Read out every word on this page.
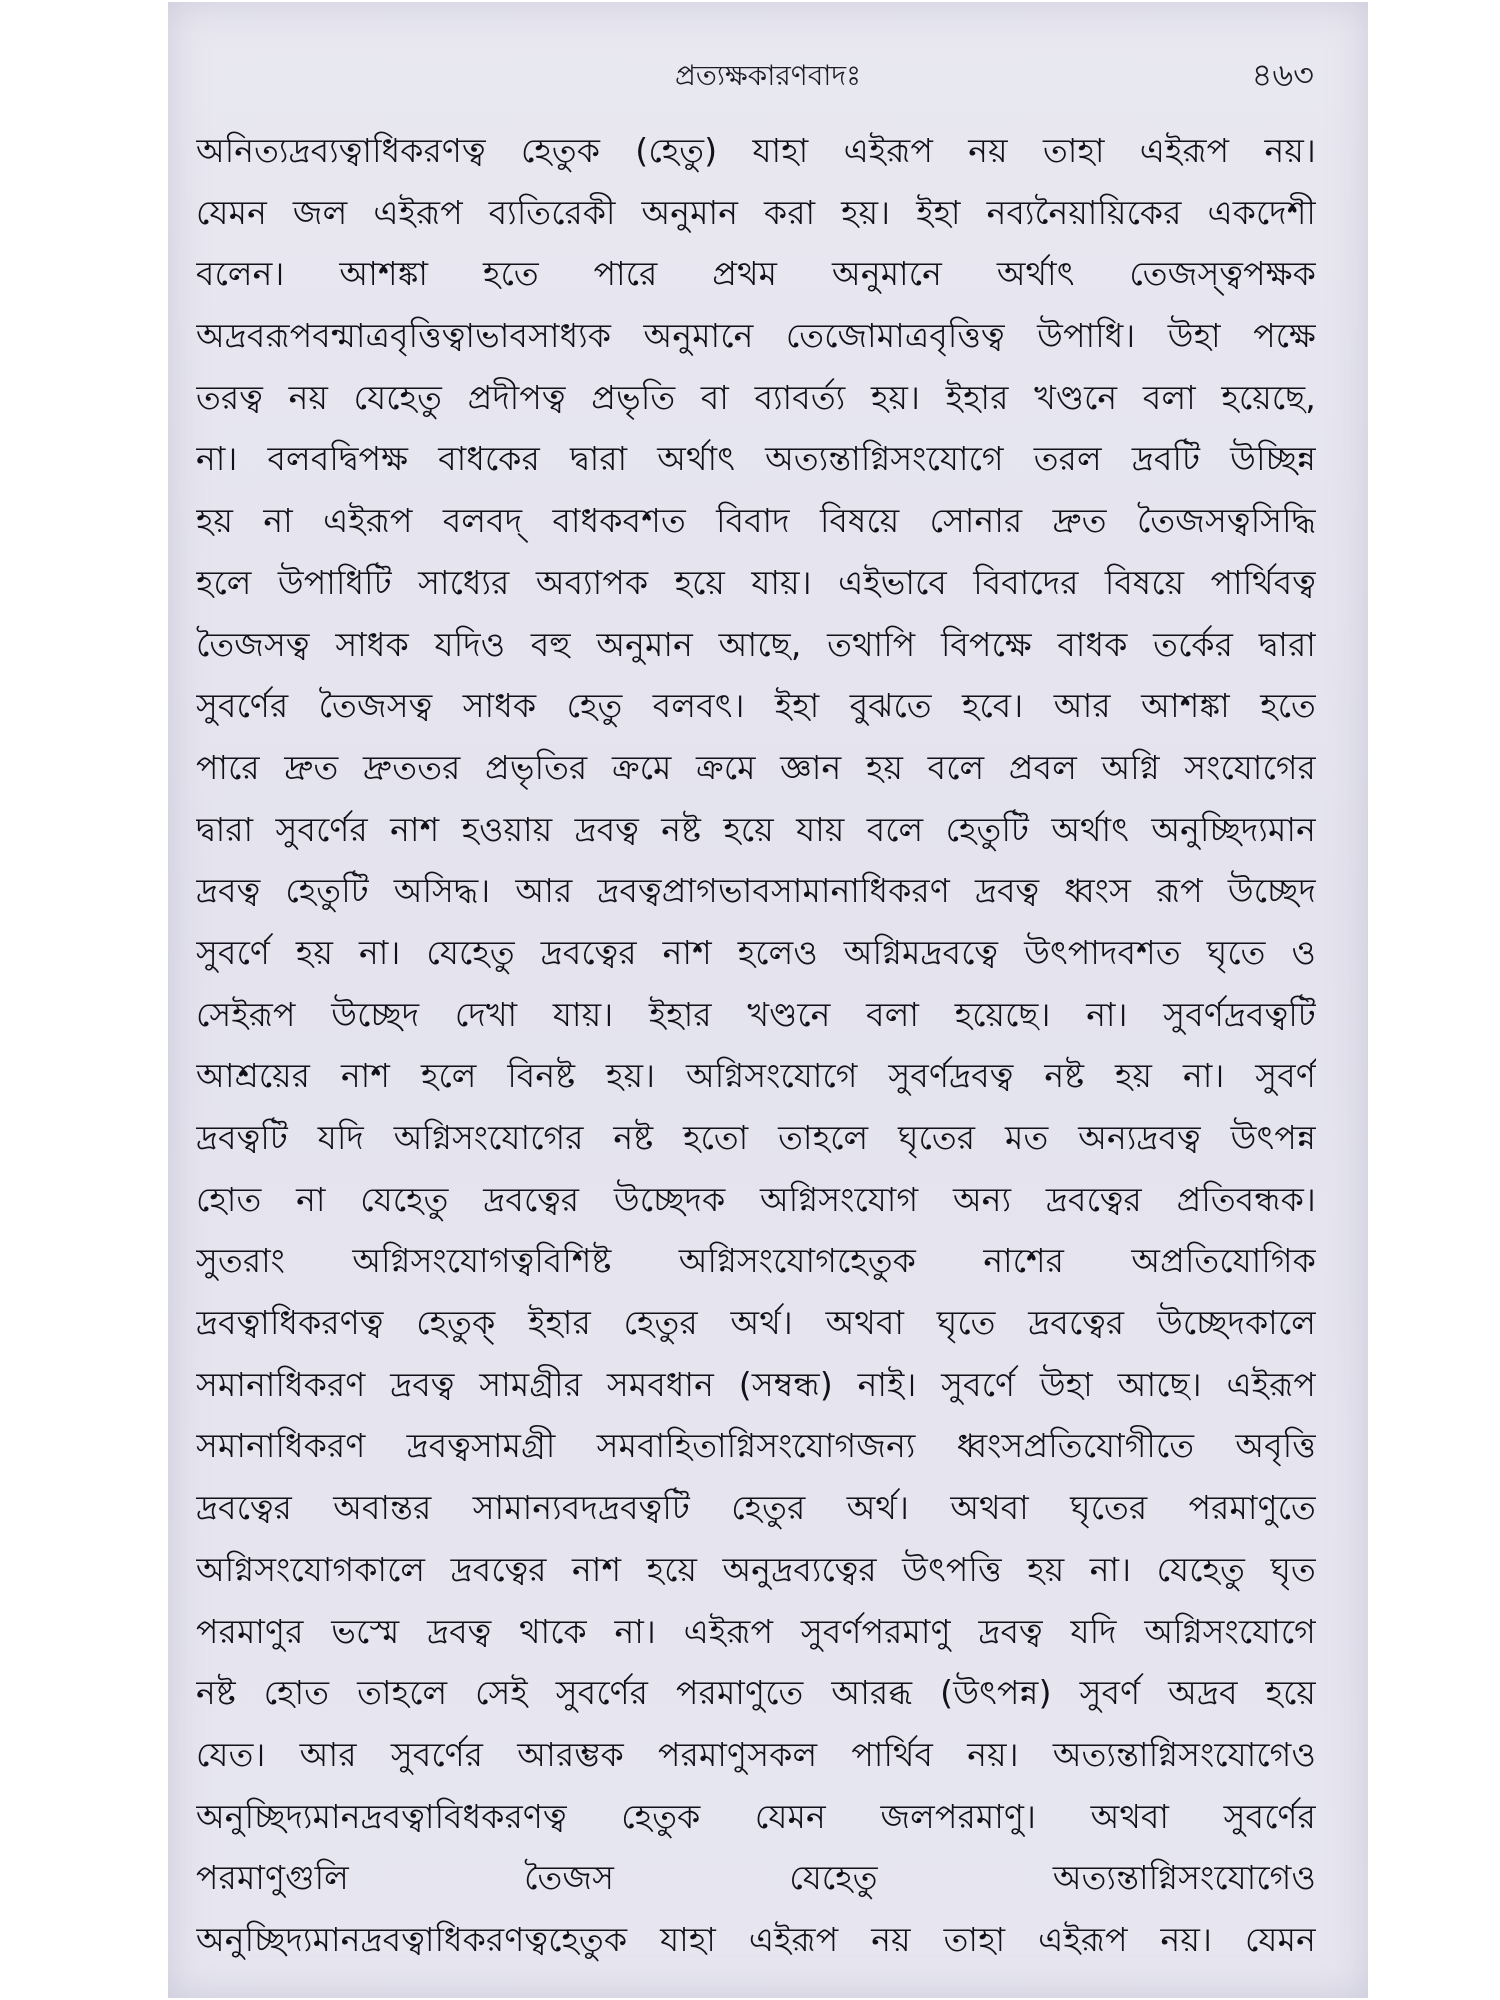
প্রত্যক্ষকারণবাদঃ	৪৬৩
অনিত্যদ্রব্যত্বাধিকরণত্ব হেতুক (হেতু) যাহা এইরূপ নয় তাহা এইরূপ নয়।
যেমন জল এইরূপ ব্যতিরেকী অনুমান করা হয়। ইহা নব্যনৈয়ায়িকের একদেশী
বলেন। আশঙ্কা হতে পারে প্রথম অনুমানে অর্থাৎ তেজস্ত্বপক্ষক
অদ্রবরূপবন্মাত্রবৃত্তিত্বাভাবসাধ্যক অনুমানে তেজোমাত্রবৃত্তিত্ব উপাধি। উহা পক্ষে
তরত্ব নয় যেহেতু প্রদীপত্ব প্রভৃতি বা ব্যাবর্ত্য হয়। ইহার খণ্ডনে বলা হয়েছে,
না। বলবদ্বিপক্ষ বাধকের দ্বারা অর্থাৎ অত্যন্তাগ্নিসংযোগে তরল দ্রবটি উচ্ছিন্ন
হয় না এইরূপ বলবদ্ বাধকবশত বিবাদ বিষয়ে সোনার দ্রুত তৈজসত্বসিদ্ধি
হলে উপাধিটি সাধ্যের অব্যাপক হয়ে যায়। এইভাবে বিবাদের বিষয়ে পার্থিবত্ব
তৈজসত্ব সাধক যদিও বহু অনুমান আছে, তথাপি বিপক্ষে বাধক তর্কের দ্বারা
সুবর্ণের তৈজসত্ব সাধক হেতু বলবৎ। ইহা বুঝতে হবে। আর আশঙ্কা হতে
পারে দ্রুত দ্রুততর প্রভৃতির ক্রমে ক্রমে জ্ঞান হয় বলে প্রবল অগ্নি সংযোগের
দ্বারা সুবর্ণের নাশ হওয়ায় দ্রবত্ব নষ্ট হয়ে যায় বলে হেতুটি অর্থাৎ অনুচ্ছিদ্যমান
দ্রবত্ব হেতুটি অসিদ্ধ। আর দ্রবত্বপ্রাগভাবসামানাধিকরণ দ্রবত্ব ধ্বংস রূপ উচ্ছেদ
সুবর্ণে হয় না। যেহেতু দ্রবত্বের নাশ হলেও অগ্নিমদ্রবত্বে উৎপাদবশত ঘৃতে ও
সেইরূপ উচ্ছেদ দেখা যায়। ইহার খণ্ডনে বলা হয়েছে। না। সুবর্ণদ্রবত্বটি
আশ্রয়ের নাশ হলে বিনষ্ট হয়। অগ্নিসংযোগে সুবর্ণদ্রবত্ব নষ্ট হয় না। সুবর্ণ
দ্রবত্বটি যদি অগ্নিসংযোগের নষ্ট হতো তাহলে ঘৃতের মত অন্যদ্রবত্ব উৎপন্ন
হোত না যেহেতু দ্রবত্বের উচ্ছেদক অগ্নিসংযোগ অন্য দ্রবত্বের প্রতিবন্ধক।
সুতরাং অগ্নিসংযোগত্ববিশিষ্ট অগ্নিসংযোগহেতুক নাশের অপ্রতিযোগিক
দ্রবত্বাধিকরণত্ব হেতুক্ ইহার হেতুর অর্থ। অথবা ঘৃতে দ্রবত্বের উচ্ছেদকালে
সমানাধিকরণ দ্রবত্ব সামগ্রীর সমবধান (সম্বন্ধ) নাই। সুবর্ণে উহা আছে। এইরূপ
সমানাধিকরণ দ্রবত্বসামগ্রী সমবাহিতাগ্নিসংযোগজন্য ধ্বংসপ্রতিযোগীতে অবৃত্তি
দ্রবত্বের অবান্তর সামান্যবদদ্রবত্বটি হেতুর অর্থ। অথবা ঘৃতের পরমাণুতে
অগ্নিসংযোগকালে দ্রবত্বের নাশ হয়ে অনুদ্রব্যত্বের উৎপত্তি হয় না। যেহেতু ঘৃত
পরমাণুর ভস্মে দ্রবত্ব থাকে না। এইরূপ সুবর্ণপরমাণু দ্রবত্ব যদি অগ্নিসংযোগে
নষ্ট হোত তাহলে সেই সুবর্ণের পরমাণুতে আরব্ধ (উৎপন্ন) সুবর্ণ অদ্রব হয়ে
যেত। আর সুবর্ণের আরম্ভক পরমাণুসকল পার্থিব নয়। অত্যন্তাগ্নিসংযোগেও
অনুচ্ছিদ্যমানদ্রবত্বাবিধকরণত্ব হেতুক যেমন জলপরমাণু। অথবা সুবর্ণের
পরমাণুগুলি তৈজস যেহেতু অত্যন্তাগ্নিসংযোগেও
অনুচ্ছিদ্যমানদ্রবত্বাধিকরণত্বহেতুক যাহা এইরূপ নয় তাহা এইরূপ নয়। যেমন
